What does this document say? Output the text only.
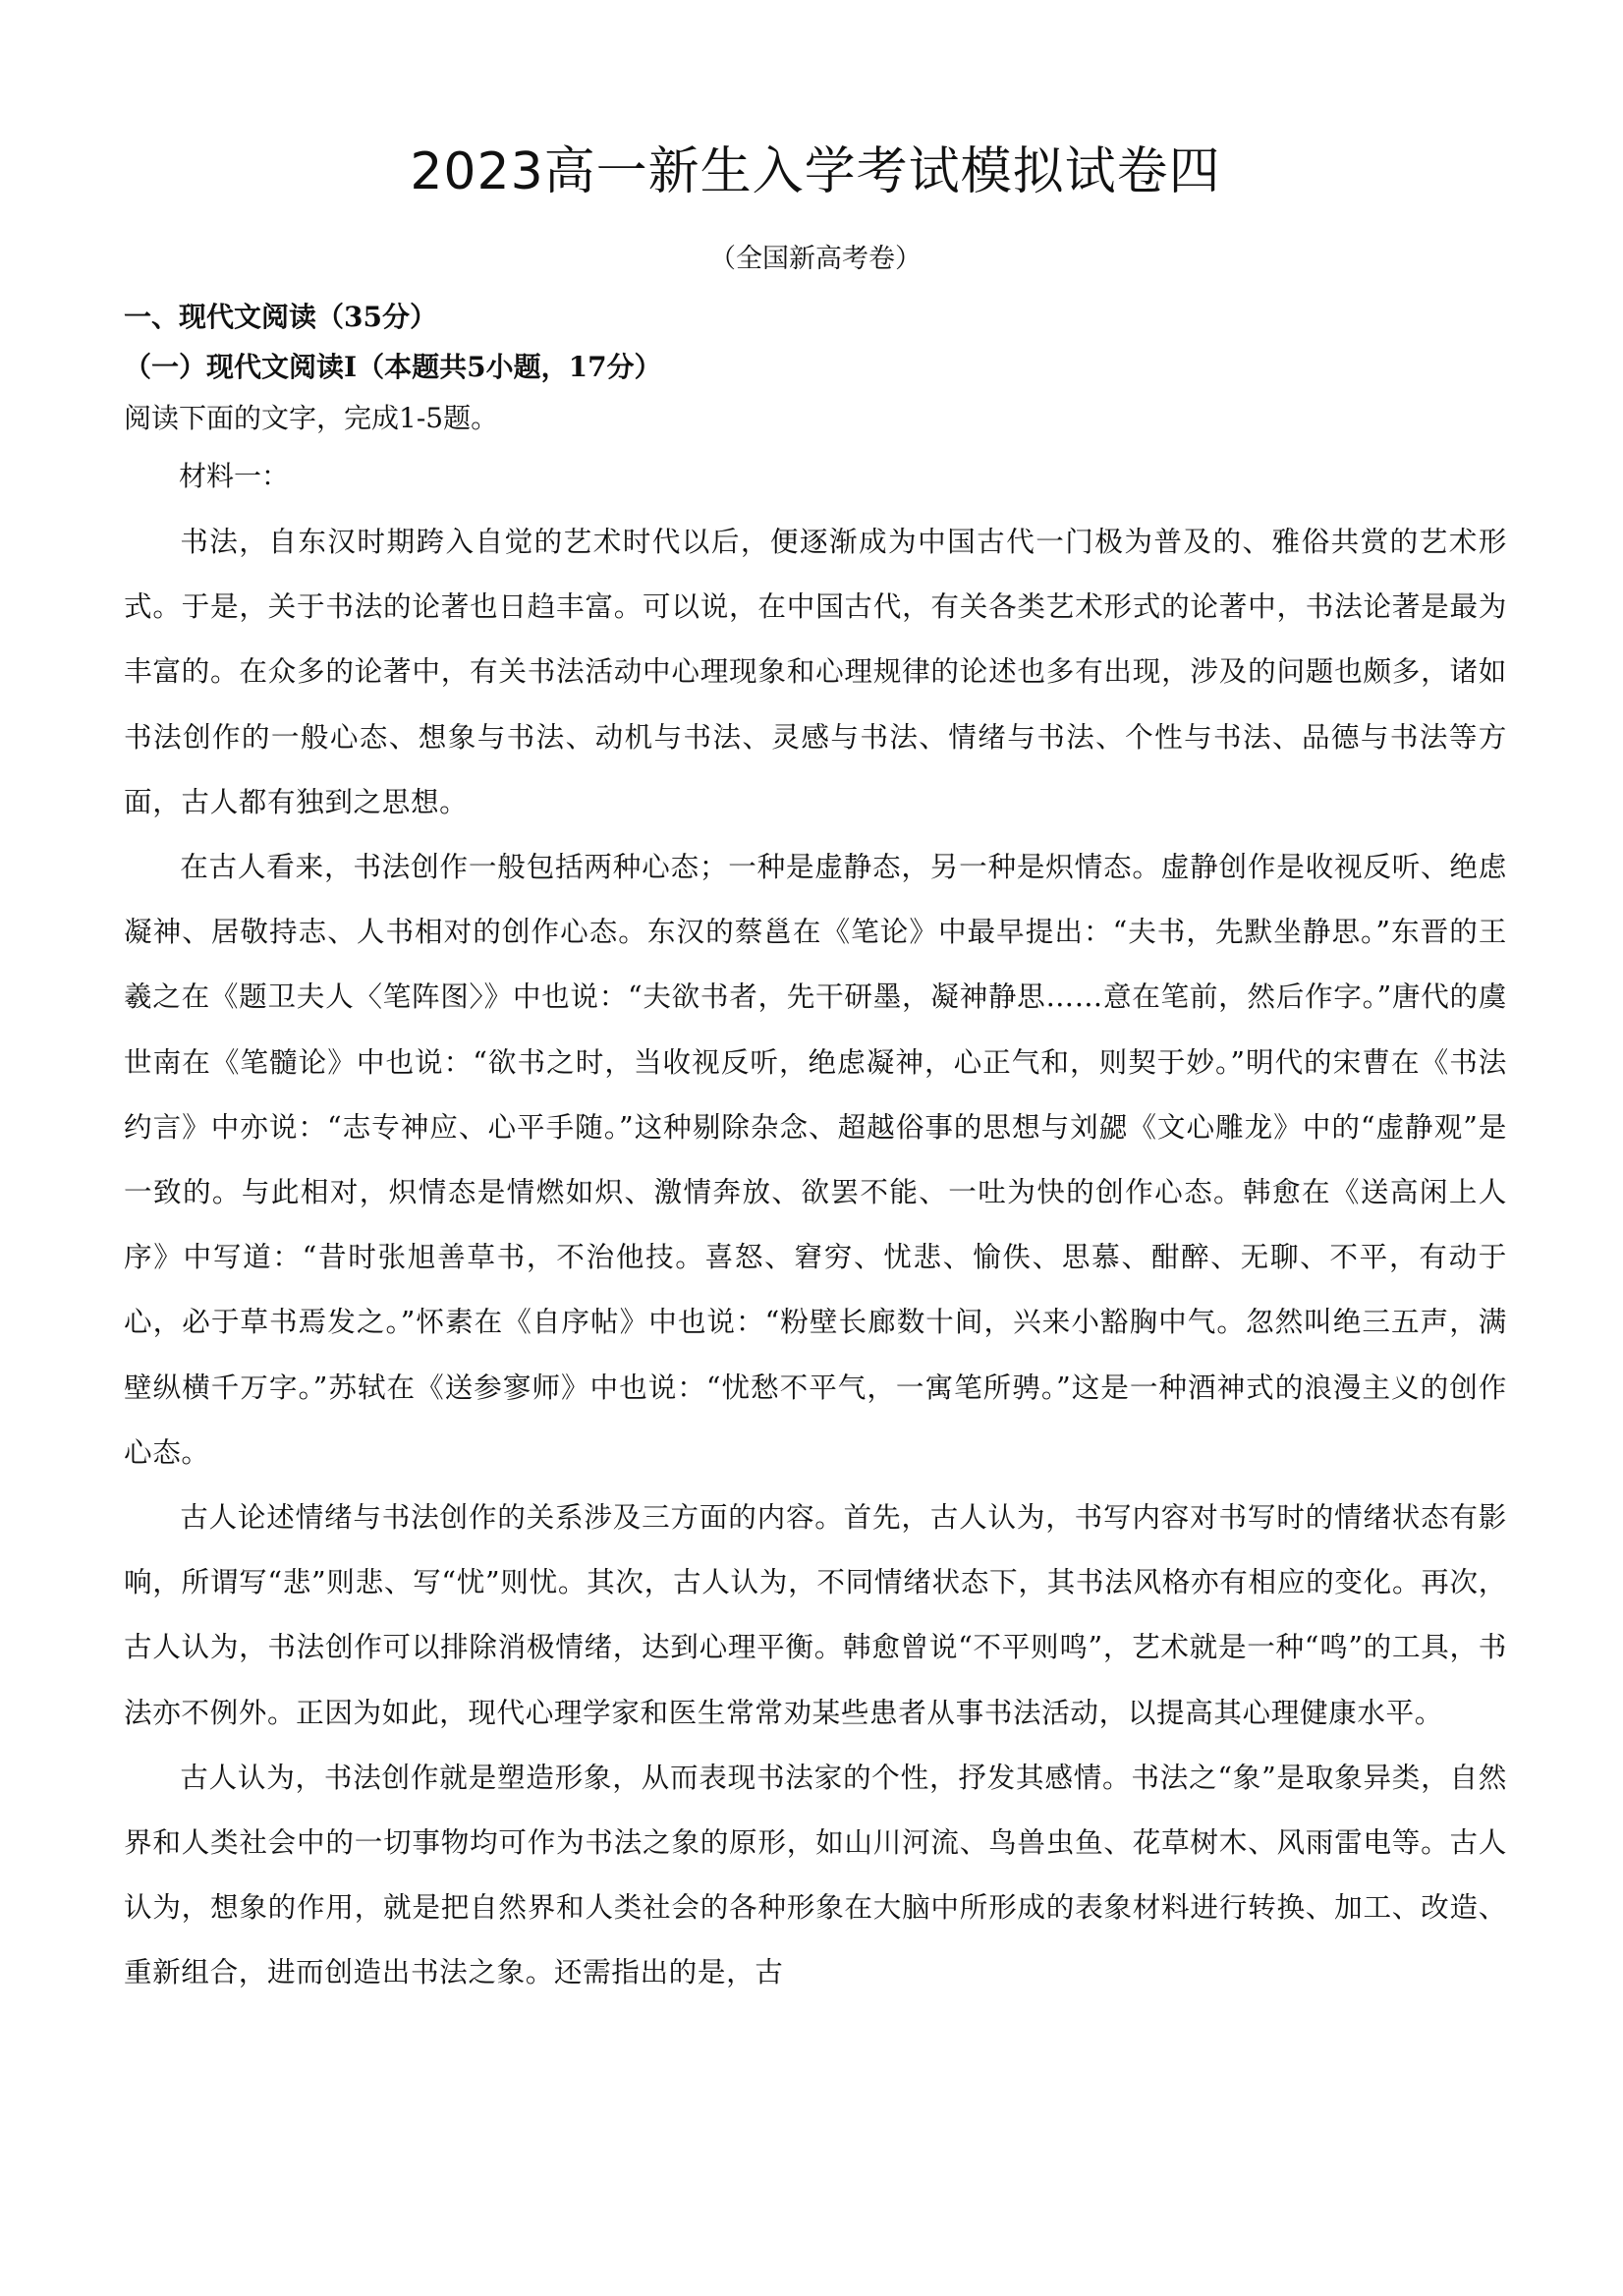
2023高一新生入学考试模拟试卷四
（全国新高考卷）
一、现代文阅读（35分）
（一）现代文阅读Ⅰ（本题共5小题，17分）
阅读下面的文字，完成1-5题。
材料一：

书法，自东汉时期跨入自觉的艺术时代以后，便逐渐成为中国古代一门极为普及的、雅俗共赏的艺术形式。于是，关于书法的论著也日趋丰富。可以说，在中国古代，有关各类艺术形式的论著中，书法论著是最为丰富的。在众多的论著中，有关书法活动中心理现象和心理规律的论述也多有出现，涉及的问题也颇多，诸如书法创作的一般心态、想象与书法、动机与书法、灵感与书法、情绪与书法、个性与书法、品德与书法等方面，古人都有独到之思想。

在古人看来，书法创作一般包括两种心态；一种是虚静态，另一种是炽情态。虚静创作是收视反听、绝虑凝神、居敬持志、人书相对的创作心态。东汉的蔡邕在《笔论》中最早提出：“夫书，先默坐静思。”东晋的王羲之在《题卫夫人〈笔阵图〉》中也说：“夫欲书者，先干研墨，凝神静思……意在笔前，然后作字。”唐代的虞世南在《笔髓论》中也说：“欲书之时，当收视反听，绝虑凝神，心正气和，则契于妙。”明代的宋曹在《书法约言》中亦说：“志专神应、心平手随。”这种剔除杂念、超越俗事的思想与刘勰《文心雕龙》中的“虚静观”是一致的。与此相对，炽情态是情燃如炽、激情奔放、欲罢不能、一吐为快的创作心态。韩愈在《送高闲上人序》中写道：“昔时张旭善草书，不治他技。喜怒、窘穷、忧悲、愉佚、思慕、酣醉、无聊、不平，有动于心，必于草书焉发之。”怀素在《自序帖》中也说：“粉壁长廊数十间，兴来小豁胸中气。忽然叫绝三五声，满壁纵横千万字。”苏轼在《送参寥师》中也说：“忧愁不平气，一寓笔所骋。”这是一种酒神式的浪漫主义的创作心态。

古人论述情绪与书法创作的关系涉及三方面的内容。首先，古人认为，书写内容对书写时的情绪状态有影响，所谓写“悲”则悲、写“忧”则忧。其次，古人认为，不同情绪状态下，其书法风格亦有相应的变化。再次，古人认为，书法创作可以排除消极情绪，达到心理平衡。韩愈曾说“不平则鸣”，艺术就是一种“鸣”的工具，书法亦不例外。正因为如此，现代心理学家和医生常常劝某些患者从事书法活动，以提高其心理健康水平。

古人认为，书法创作就是塑造形象，从而表现书法家的个性，抒发其感情。书法之“象”是取象异类，自然界和人类社会中的一切事物均可作为书法之象的原形，如山川河流、鸟兽虫鱼、花草树木、风雨雷电等。古人认为，想象的作用，就是把自然界和人类社会的各种形象在大脑中所形成的表象材料进行转换、加工、改造、重新组合，进而创造出书法之象。还需指出的是，古
